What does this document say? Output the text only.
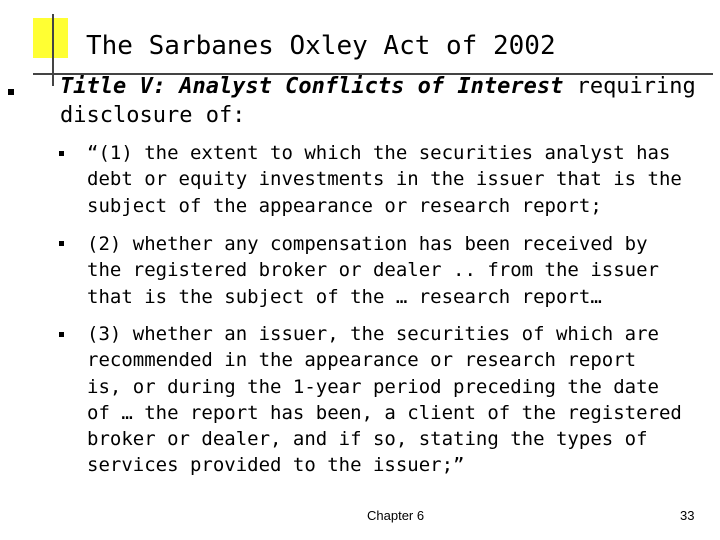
The Sarbanes Oxley Act of 2002

Title V: Analyst Conflicts of Interest requiring
disclosure of:

“(1) the extent to which the securities analyst has
debt or equity investments in the issuer that is the
subject of the appearance or research report;

(2) whether any compensation has been received by
the registered broker or dealer .. from the issuer
that is the subject of the … research report…

(3) whether an issuer, the securities of which are
recommended in the appearance or research report
is, or during the 1-year period preceding the date
of … the report has been, a client of the registered
broker or dealer, and if so, stating the types of
services provided to the issuer;”

Chapter 6	33
